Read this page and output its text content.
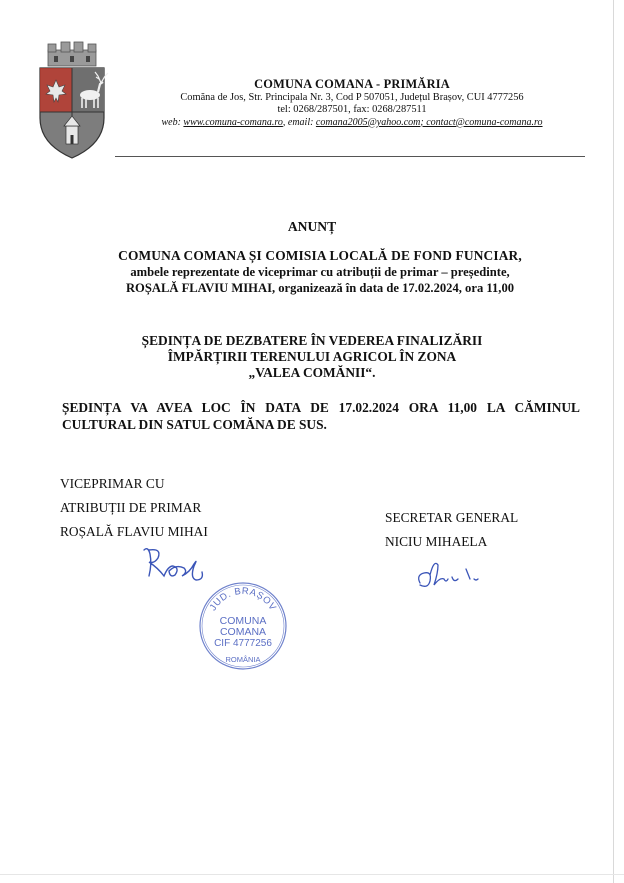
COMUNA COMANA - PRIMĂRIA
Comăna de Jos, Str. Principala Nr. 3, Cod P 507051, Județul Brașov, CUI 4777256
tel: 0268/287501, fax: 0268/287511
web: www.comuna-comana.ro, email: comana2005@yahoo.com; contact@comuna-comana.ro
ANUNȚ
COMUNA COMANA ȘI COMISIA LOCALĂ DE FOND FUNCIAR,
ambele reprezentate de viceprimar cu atribuții de primar – președinte,
ROȘALĂ FLAVIU MIHAI, organizează în data de 17.02.2024, ora 11,00
ȘEDINȚA DE DEZBATERE ÎN VEDEREA FINALIZĂRII
ÎMPĂRȚIRII TERENULUI AGRICOL ÎN ZONA
„VALEA COMĂNII“.
ȘEDINȚA VA AVEA LOC ÎN DATA DE 17.02.2024 ORA 11,00 LA CĂMINUL CULTURAL DIN SATUL COMĂNA DE SUS.
VICEPRIMAR CU
ATRIBUȚII DE PRIMAR
ROȘALĂ FLAVIU MIHAI
SECRETAR GENERAL
NICIU MIHAELA
JUD. BRAȘOV
COMUNA
COMANA
CIF 4777256
ROMÂNIA
